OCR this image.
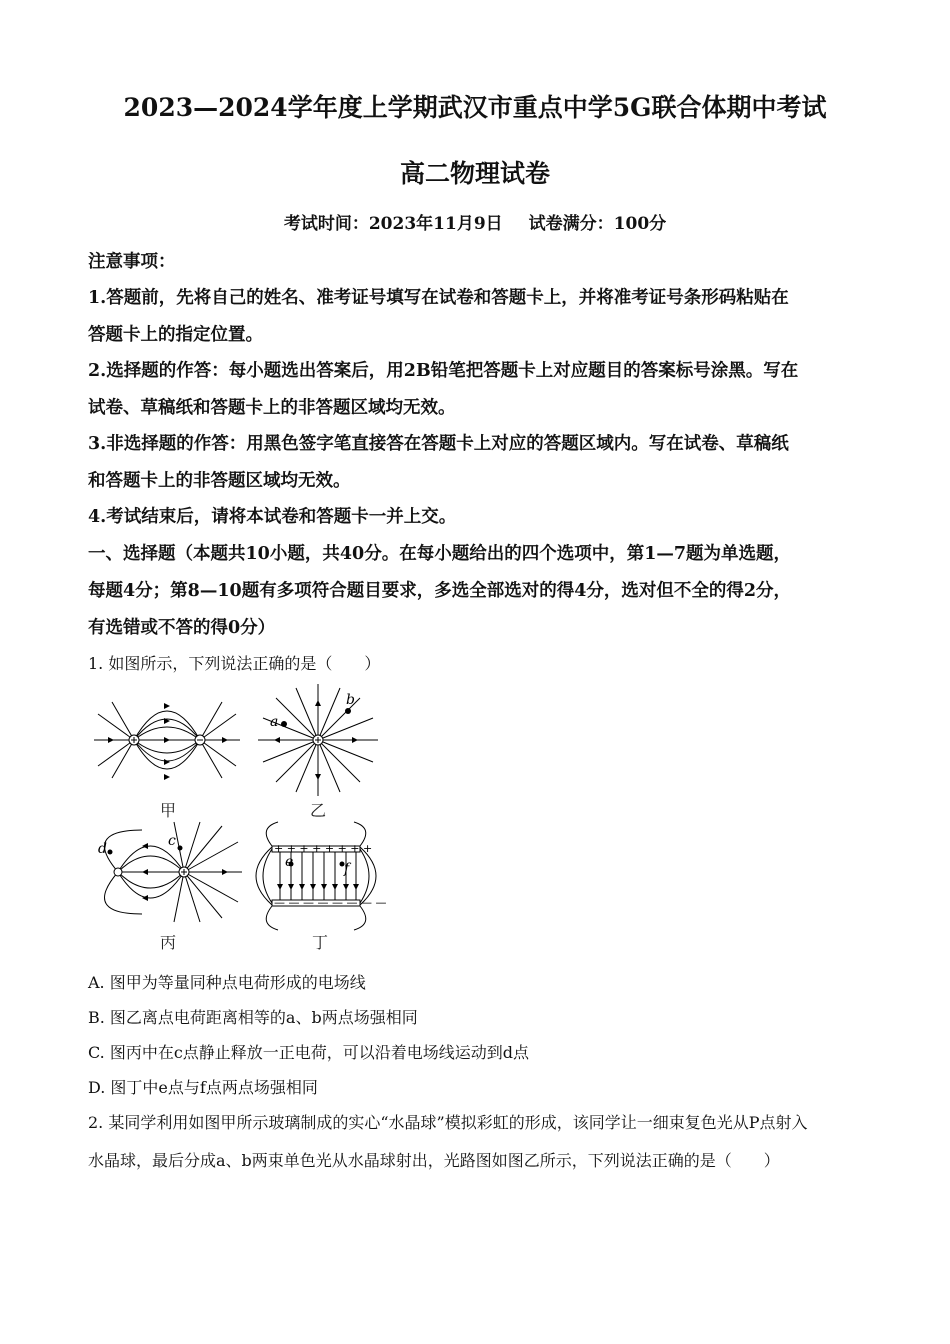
2023—2024学年度上学期武汉市重点中学5G联合体期中考试
高二物理试卷
考试时间：2023年11月9日 试卷满分：100分
注意事项：
1.答题前，先将自己的姓名、准考证号填写在试卷和答题卡上，并将准考证号条形码粘贴在
答题卡上的指定位置。
2.选择题的作答：每小题选出答案后，用2B铅笔把答题卡上对应题目的答案标号涂黑。写在
试卷、草稿纸和答题卡上的非答题区域均无效。
3.非选择题的作答：用黑色签字笔直接答在答题卡上对应的答题区域内。写在试卷、草稿纸
和答题卡上的非答题区域均无效。
4.考试结束后，请将本试卷和答题卡一并上交。
一、选择题（本题共10小题，共40分。在每小题给出的四个选项中，第1—7题为单选题，
每题4分；第8—10题有多项符合题目要求，多选全部选对的得4分，选对但不全的得2分，
有选错或不答的得0分）
1. 如图所示，下列说法正确的是（　　）
甲
b
a
乙
c
d
丙
+ + + + + + + +
— — — — — — — —
e	f
丁
A. 图甲为等量同种点电荷形成的电场线
B. 图乙离点电荷距离相等的a、b两点场强相同
C. 图丙中在c点静止释放一正电荷，可以沿着电场线运动到d点
D. 图丁中e点与f点两点场强相同
2. 某同学利用如图甲所示玻璃制成的实心“水晶球”模拟彩虹的形成，该同学让一细束复色光从P点射入
水晶球，最后分成a、b两束单色光从水晶球射出，光路图如图乙所示，下列说法正确的是（　　）
